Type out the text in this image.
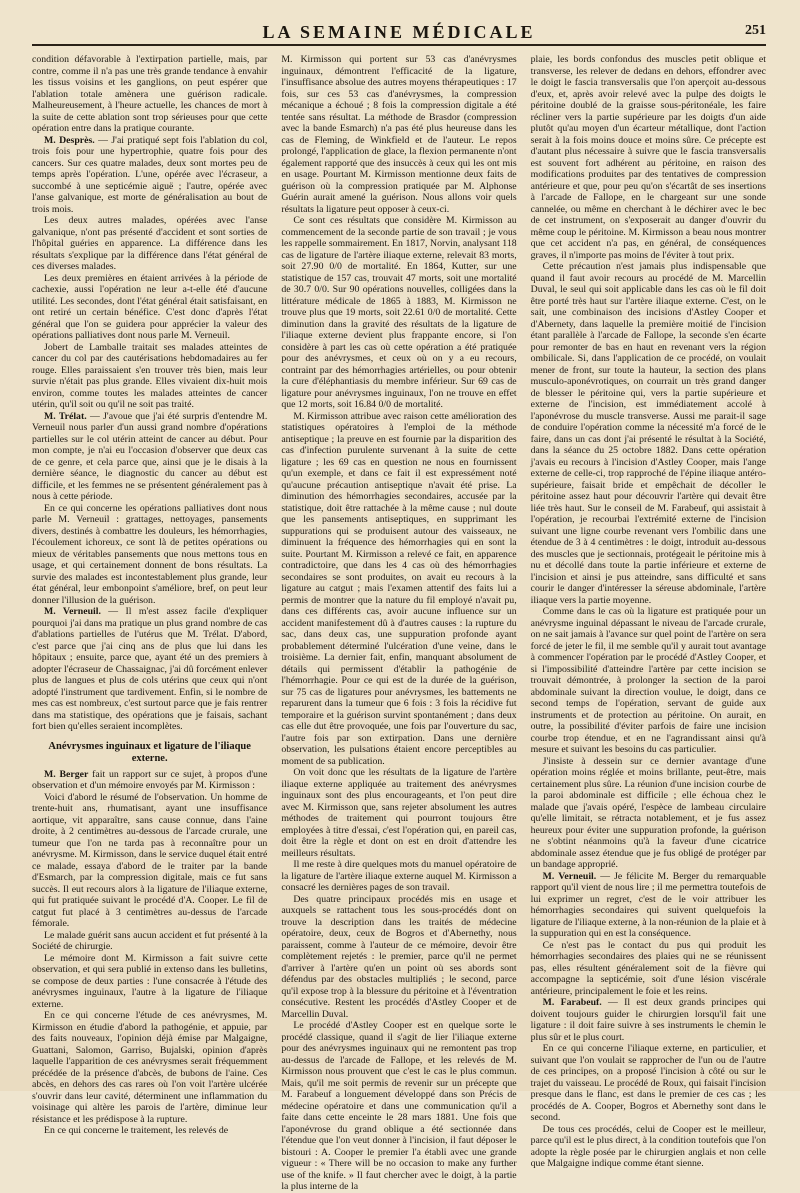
LA SEMAINE MÉDICALE	251

condition défavorable à l'extirpation partielle, mais, par contre, comme il n'a pas une très grande tendance à envahir les tissus voisins et les ganglions, on peut espérer que l'ablation totale amènera une guérison radicale. Malheureusement, à l'heure actuelle, les chances de mort à la suite de cette ablation sont trop sérieuses pour que cette opération entre dans la pratique courante.

M. Desprès. — J'ai pratiqué sept fois l'ablation du col, trois fois pour une hypertrophie, quatre fois pour des cancers. Sur ces quatre malades, deux sont mortes peu de temps après l'opération. L'une, opérée avec l'écraseur, a succombé à une septicémie aiguë ; l'autre, opérée avec l'anse galvanique, est morte de généralisation au bout de trois mois.

Les deux autres malades, opérées avec l'anse galvanique, n'ont pas présenté d'accident et sont sorties de l'hôpital guéries en apparence. La différence dans les résultats s'explique par la différence dans l'état général de ces diverses malades.

Les deux premières en étaient arrivées à la période de cachexie, aussi l'opération ne leur a-t-elle été d'aucune utilité. Les secondes, dont l'état général était satisfaisant, en ont retiré un certain bénéfice. C'est donc d'après l'état général que l'on se guidera pour apprécier la valeur des opérations palliatives dont nous parle M. Verneuil.

Jobert de Lamballe traitait ses malades atteintes de cancer du col par des cautérisations hebdomadaires au fer rouge. Elles paraissaient s'en trouver très bien, mais leur survie n'était pas plus grande. Elles vivaient dix-huit mois environ, comme toutes les malades atteintes de cancer utérin, qu'il soit ou qu'il ne soit pas traité.

M. Trélat. — J'avoue que j'ai été surpris d'entendre M. Verneuil nous parler d'un aussi grand nombre d'opérations partielles sur le col utérin atteint de cancer au début. Pour mon compte, je n'ai eu l'occasion d'observer que deux cas de ce genre, et cela parce que, ainsi que je le disais à la dernière séance, le diagnostic du cancer au début est difficile, et les femmes ne se présentent généralement pas à nous à cette période.

En ce qui concerne les opérations palliatives dont nous parle M. Verneuil : grattages, nettoyages, pansements divers, destinés à combattre les douleurs, les hémorrhagies, l'écoulement ichoreux, ce sont là de petites opérations ou mieux de véritables pansements que nous mettons tous en usage, et qui certainement donnent de bons résultats. La survie des malades est incontestablement plus grande, leur état général, leur embonpoint s'améliore, bref, on peut leur donner l'illusion de la guérison.

M. Verneuil. — Il m'est assez facile d'expliquer pourquoi j'ai dans ma pratique un plus grand nombre de cas d'ablations partielles de l'utérus que M. Trélat. D'abord, c'est parce que j'ai cinq ans de plus que lui dans les hôpitaux ; ensuite, parce que, ayant été un des premiers à adopter l'écraseur de Chassaignac, j'ai dû forcément enlever plus de langues et plus de cols utérins que ceux qui n'ont adopté l'instrument que tardivement. Enfin, si le nombre de mes cas est nombreux, c'est surtout parce que je fais rentrer dans ma statistique, des opérations que je faisais, sachant fort bien qu'elles seraient incomplètes.

Anévrysmes inguinaux et ligature de l'iliaque
externe.

M. Berger fait un rapport sur ce sujet, à propos d'une observation et d'un mémoire envoyés par M. Kirmisson :

Voici d'abord le résumé de l'observation. Un homme de trente-huit ans, rhumatisant, ayant une insuffisance aortique, vit apparaître, sans cause connue, dans l'aine droite, à 2 centimètres au-dessous de l'arcade crurale, une tumeur que l'on ne tarda pas à reconnaître pour un anévrysme. M. Kirmisson, dans le service duquel était entré ce malade, essaya d'abord de le traiter par la bande d'Esmarch, par la compression digitale, mais ce fut sans succès. Il eut recours alors à la ligature de l'iliaque externe, qui fut pratiquée suivant le procédé d'A. Cooper. Le fil de catgut fut placé à 3 centimètres au-dessus de l'arcade fémorale.

Le malade guérit sans aucun accident et fut présenté à la Société de chirurgie.

Le mémoire dont M. Kirmisson a fait suivre cette observation, et qui sera publié in extenso dans les bulletins, se compose de deux parties : l'une consacrée à l'étude des anévrysmes inguinaux, l'autre à la ligature de l'iliaque externe.

En ce qui concerne l'étude de ces anévrysmes, M. Kirmisson en étudie d'abord la pathogénie, et appuie, par des faits nouveaux, l'opinion déjà émise par Malgaigne, Guattani, Salomon, Garriso, Bujalski, opinion d'après laquelle l'apparition de ces anévrysmes serait fréquemment précédée de la présence d'abcès, de bubons de l'aine. Ces abcès, en dehors des cas rares où l'on voit l'artère ulcérée s'ouvrir dans leur cavité, déterminent une inflammation du voisinage qui altère les parois de l'artère, diminue leur résistance et les prédispose à la rupture.

En ce qui concerne le traitement, les relevés de

M. Kirmisson qui portent sur 53 cas d'anévrysmes inguinaux, démontrent l'efficacité de la ligature, l'insuffisance absolue des autres moyens thérapeutiques : 17 fois, sur ces 53 cas d'anévrysmes, la compression mécanique a échoué ; 8 fois la compression digitale a été tentée sans résultat. La méthode de Brasdor (compression avec la bande Esmarch) n'a pas été plus heureuse dans les cas de Fleming, de Winkfield et de l'auteur. Le repos prolongé, l'application de glace, la flexion permanente n'ont également rapporté que des insuccès à ceux qui les ont mis en usage. Pourtant M. Kirmisson mentionne deux faits de guérison où la compression pratiquée par M. Alphonse Guérin aurait amené la guérison. Nous allons voir quels résultats la ligature peut opposer à ceux-ci.

Ce sont ces résultats que considère M. Kirmisson au commencement de la seconde partie de son travail ; je vous les rappelle sommairement. En 1817, Norvin, analysant 118 cas de ligature de l'artère iliaque externe, relevait 83 morts, soit 27.90 0/0 de mortalité. En 1864, Kutter, sur une statistique de 157 cas, trouvait 47 morts, soit une mortalité de 30.7 0/0. Sur 90 opérations nouvelles, colligées dans la littérature médicale de 1865 à 1883, M. Kirmisson ne trouve plus que 19 morts, soit 22.61 0/0 de mortalité. Cette diminution dans la gravité des résultats de la ligature de l'iliaque externe devient plus frappante encore, si l'on considère à part les cas où cette opération a été pratiquée pour des anévrysmes, et ceux où on y a eu recours, contraint par des hémorrhagies artérielles, ou pour obtenir la cure d'éléphantiasis du membre inférieur. Sur 69 cas de ligature pour anévrysmes inguinaux, l'on ne trouve en effet que 12 morts, soit 16.84 0/0 de mortalité.

M. Kirmisson attribue avec raison cette amélioration des statistiques opératoires à l'emploi de la méthode antiseptique ; la preuve en est fournie par la disparition des cas d'infection purulente survenant à la suite de cette ligature ; les 69 cas en question ne nous en fournissent qu'un exemple, et dans ce fait il est expressément noté qu'aucune précaution antiseptique n'avait été prise. La diminution des hémorrhagies secondaires, accusée par la statistique, doit être rattachée à la même cause ; nul doute que les pansements antiseptiques, en supprimant les suppurations qui se produisent autour des vaisseaux, ne diminuent la fréquence des hémorrhagies qui en sont la suite. Pourtant M. Kirmisson a relevé ce fait, en apparence contradictoire, que dans les 4 cas où des hémorrhagies secondaires se sont produites, on avait eu recours à la ligature au catgut ; mais l'examen attentif des faits lui a permis de montrer que la nature du fil employé n'avait pu, dans ces différents cas, avoir aucune influence sur un accident manifestement dû à d'autres causes : la rupture du sac, dans deux cas, une suppuration profonde ayant probablement déterminé l'ulcération d'une veine, dans le troisième. La dernier fait, enfin, manquant absolument de détails qui permissent d'établir la pathogénie de l'hémorrhagie. Pour ce qui est de la durée de la guérison, sur 75 cas de ligatures pour anévrysmes, les battements ne reparurent dans la tumeur que 6 fois : 3 fois la récidive fut temporaire et la guérison survint spontanément ; dans deux cas elle dut être provoquée, une fois par l'ouverture du sac, l'autre fois par son extirpation. Dans une dernière observation, les pulsations étaient encore perceptibles au moment de sa publication.

On voit donc que les résultats de la ligature de l'artère iliaque externe appliquée au traitement des anévrysmes inguinaux sont des plus encourageants, et l'on peut dire avec M. Kirmisson que, sans rejeter absolument les autres méthodes de traitement qui pourront toujours être employées à titre d'essai, c'est l'opération qui, en pareil cas, doit être la règle et dont on est en droit d'attendre les meilleurs résultats.

Il me reste à dire quelques mots du manuel opératoire de la ligature de l'artère iliaque externe auquel M. Kirmisson a consacré les dernières pages de son travail.

Des quatre principaux procédés mis en usage et auxquels se rattachent tous les sous-procédés dont on trouve la description dans les traités de médecine opératoire, deux, ceux de Bogros et d'Abernethy, nous paraissent, comme à l'auteur de ce mémoire, devoir être complètement rejetés : le premier, parce qu'il ne permet d'arriver à l'artère qu'en un point où ses abords sont défendus par des obstacles multipliés ; le second, parce qu'il expose trop à la blessure du péritoine et à l'éventration consécutive. Restent les procédés d'Astley Cooper et de Marcellin Duval.

Le procédé d'Astley Cooper est en quelque sorte le procédé classique, quand il s'agit de lier l'iliaque externe pour des anévrysmes inguinaux qui ne remontent pas trop au-dessus de l'arcade de Fallope, et les relevés de M. Kirmisson nous prouvent que c'est le cas le plus commun. Mais, qu'il me soit permis de revenir sur un précepte que M. Farabeuf a longuement développé dans son Précis de médecine opératoire et dans une communication qu'il a faite dans cette enceinte le 28 mars 1881. Une fois que l'aponévrose du grand oblique a été sectionnée dans l'étendue que l'on veut donner à l'incision, il faut déposer le bistouri : A. Cooper le premier l'a établi avec une grande vigueur : « There will be no occasion to make any further use of the knife. » Il faut chercher avec le doigt, à la partie la plus interne de la

plaie, les bords confondus des muscles petit oblique et transverse, les relever de dedans en dehors, effondrer avec le doigt le fascia transversalis que l'on aperçoit au-dessous d'eux, et, après avoir relevé avec la pulpe des doigts le péritoine doublé de la graisse sous-péritonéale, les faire récliner vers la partie supérieure par les doigts d'un aide plutôt qu'au moyen d'un écarteur métallique, dont l'action serait à la fois moins douce et moins sûre. Ce précepte est d'autant plus nécessaire à suivre que le fascia transversalis est souvent fort adhérent au péritoine, en raison des modifications produites par des tentatives de compression antérieure et que, pour peu qu'on s'écartât de ses insertions à l'arcade de Fallope, en le chargeant sur une sonde cannelée, ou même en cherchant à le déchirer avec le bec de cet instrument, on s'exposerait au danger d'ouvrir du même coup le péritoine. M. Kirmisson a beau nous montrer que cet accident n'a pas, en général, de conséquences graves, il n'importe pas moins de l'éviter à tout prix.

Cette précaution n'est jamais plus indispensable que quand il faut avoir recours au procédé de M. Marcellin Duval, le seul qui soit applicable dans les cas où le fil doit être porté très haut sur l'artère iliaque externe. C'est, on le sait, une combinaison des incisions d'Astley Cooper et d'Abernety, dans laquelle la première moitié de l'incision étant parallèle à l'arcade de Fallope, la seconde s'en écarte pour remonter de bas en haut en revenant vers la région ombilicale. Si, dans l'application de ce procédé, on voulait mener de front, sur toute la hauteur, la section des plans musculo-aponévrotiques, on courrait un très grand danger de blesser le péritoine qui, vers la partie supérieure et externe de l'incision, est immédiatement accolé à l'aponévrose du muscle transverse. Aussi me parait-il sage de conduire l'opération comme la nécessité m'a forcé de le faire, dans un cas dont j'ai présenté le résultat à la Société, dans la séance du 25 octobre 1882. Dans cette opération j'avais eu recours à l'incision d'Astley Cooper, mais l'ange externe de celle-ci, trop rapproché de l'épine iliaque antéro-supérieure, faisait bride et empêchait de décoller le péritoine assez haut pour découvrir l'artère qui devait être liée très haut. Sur le conseil de M. Farabeuf, qui assistait à l'opération, je recourbai l'extrémité externe de l'incision suivant une ligne courbe revenant vers l'ombilic dans une étendue de 3 à 4 centimètres : le doigt, introduit au-dessous des muscles que je sectionnais, protégeait le péritoine mis à nu et décollé dans toute la partie inférieure et externe de l'incision et ainsi je pus atteindre, sans difficulté et sans courir le danger d'intéresser la séreuse abdominale, l'artère iliaque vers la partie moyenne.

Comme dans le cas où la ligature est pratiquée pour un anévrysme inguinal dépassant le niveau de l'arcade crurale, on ne sait jamais à l'avance sur quel point de l'artère on sera forcé de jeter le fil, il me semble qu'il y aurait tout avantage à commencer l'opération par le procédé d'Astley Cooper, et si l'impossibilité d'atteindre l'artère par cette incision se trouvait démontrée, à prolonger la section de la paroi abdominale suivant la direction voulue, le doigt, dans ce second temps de l'opération, servant de guide aux instruments et de protection au péritoine. On aurait, en outre, la possibilité d'éviter parfois de faire une incision courbe trop étendue, et en ne l'agrandissant ainsi qu'à mesure et suivant les besoins du cas particulier.

J'insiste à dessein sur ce dernier avantage d'une opération moins réglée et moins brillante, peut-être, mais certainement plus sûre. La réunion d'une incision courbe de la paroi abdominale est difficile ; elle échoua chez le malade que j'avais opéré, l'espèce de lambeau circulaire qu'elle limitait, se rétracta notablement, et je fus assez heureux pour éviter une suppuration profonde, la guérison ne s'obtint néanmoins qu'à la faveur d'une cicatrice abdominale assez étendue que je fus obligé de protéger par un bandage approprié.

M. Verneuil. — Je félicite M. Berger du remarquable rapport qu'il vient de nous lire ; il me permettra toutefois de lui exprimer un regret, c'est de le voir attribuer les hémorrhagies secondaires qui suivent quelquefois la ligature de l'iliaque externe, à la non-réunion de la plaie et à la suppuration qui en est la conséquence.

Ce n'est pas le contact du pus qui produit les hémorrhagies secondaires des plaies qui ne se réunissent pas, elles résultent généralement soit de la fièvre qui accompagne la septicémie, soit d'une lésion viscérale antérieure, principalement le foie et les reins.

M. Farabeuf. — Il est deux grands principes qui doivent toujours guider le chirurgien lorsqu'il fait une ligature : il doit faire suivre à ses instruments le chemin le plus sûr et le plus court.

En ce qui concerne l'iliaque externe, en particulier, et suivant que l'on voulait se rapprocher de l'un ou de l'autre de ces principes, on a proposé l'incision à côté ou sur le trajet du vaisseau. Le procédé de Roux, qui faisait l'incision presque dans le flanc, est dans le premier de ces cas ; les procédés de A. Cooper, Bogros et Abernethy sont dans le second.

De tous ces procédés, celui de Cooper est le meilleur, parce qu'il est le plus direct, à la condition toutefois que l'on adopte la règle posée par le chirurgien anglais et non celle que Malgaigne indique comme étant sienne.
